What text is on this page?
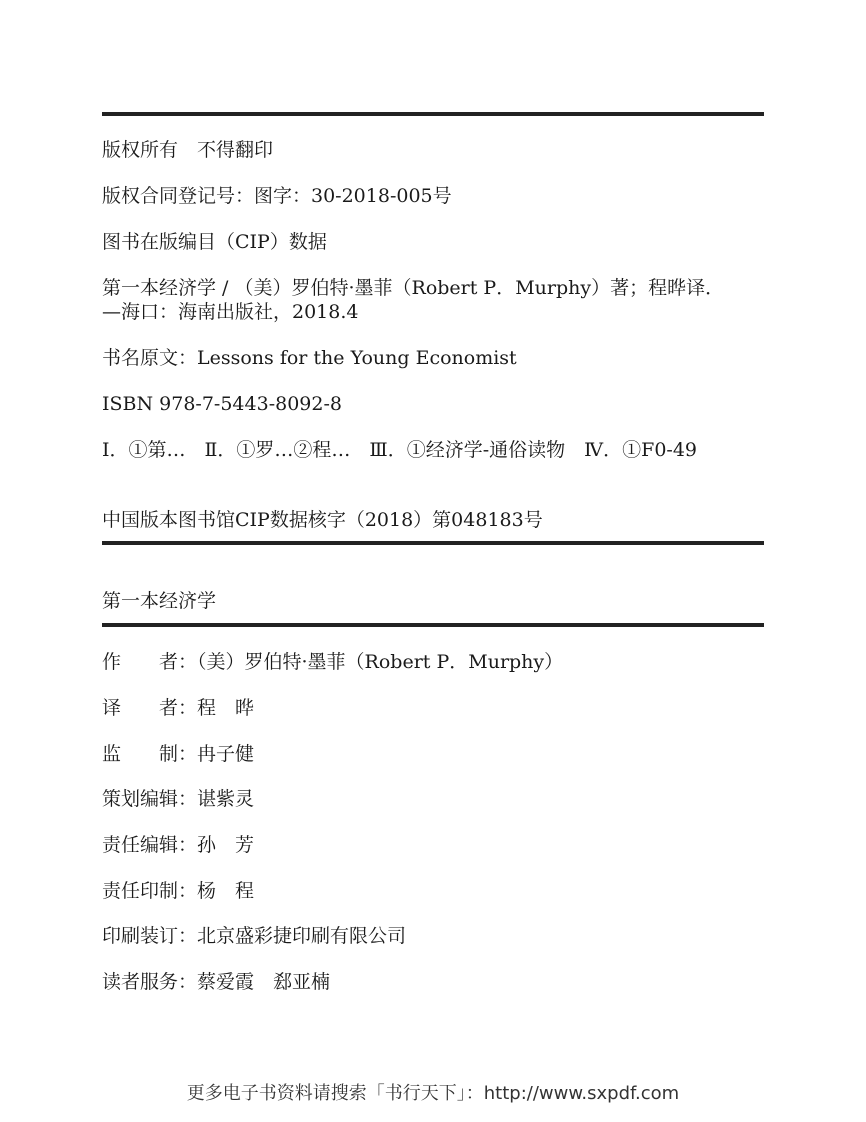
版权所有　不得翻印
版权合同登记号：图字：30-2018-005号
图书在版编目（CIP）数据
第一本经济学 / （美）罗伯特·墨菲（Robert P．Murphy）著；程晔译．
—海口：海南出版社，2018.4
书名原文：Lessons for the Young Economist
ISBN 978-7-5443-8092-8
Ⅰ．①第…　Ⅱ．①罗…②程…　Ⅲ．①经济学-通俗读物　Ⅳ．①F0-49
中国版本图书馆CIP数据核字（2018）第048183号
第一本经济学
作　　者：（美）罗伯特·墨菲（Robert P．Murphy）
译　　者：程　晔
监　　制：冉子健
策划编辑：谌紫灵
责任编辑：孙　芳
责任印制：杨　程
印刷装订：北京盛彩捷印刷有限公司
读者服务：蔡爱霞　郄亚楠
更多电子书资料请搜索「书行天下」：http://www.sxpdf.com
